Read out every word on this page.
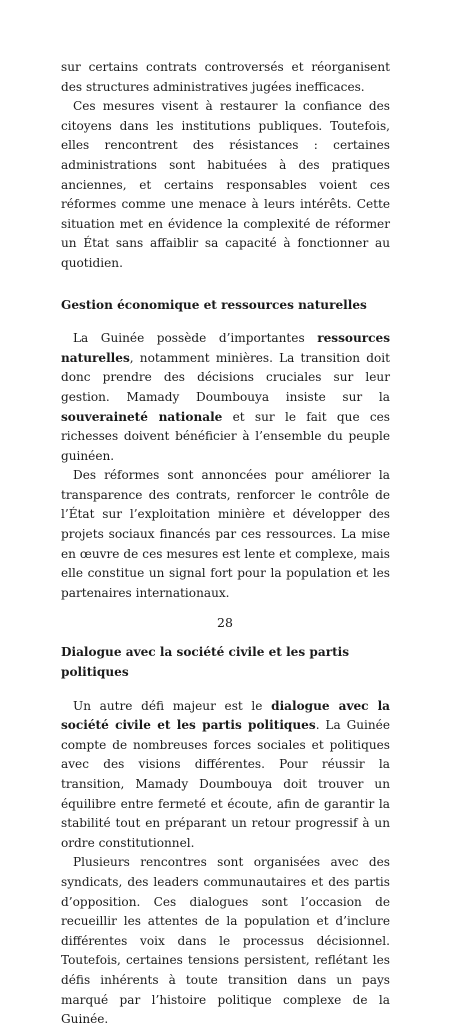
sur certains contrats controversés et réorganisent des structures administratives jugées inefficaces.

Ces mesures visent à restaurer la confiance des citoyens dans les institutions publiques. Toutefois, elles rencontrent des résistances : certaines administrations sont habituées à des pratiques anciennes, et certains responsables voient ces réformes comme une menace à leurs intérêts. Cette situation met en évidence la complexité de réformer un État sans affaiblir sa capacité à fonctionner au quotidien.

Gestion économique et ressources naturelles

La Guinée possède d’importantes ressources naturelles, notamment minières. La transition doit donc prendre des décisions cruciales sur leur gestion. Mamady Doumbouya insiste sur la souveraineté nationale et sur le fait que ces richesses doivent bénéficier à l’ensemble du peuple guinéen.

Des réformes sont annoncées pour améliorer la transparence des contrats, renforcer le contrôle de l’État sur l’exploitation minière et développer des projets sociaux financés par ces ressources. La mise en œuvre de ces mesures est lente et complexe, mais elle constitue un signal fort pour la population et les partenaires internationaux.

Dialogue avec la société civile et les partis politiques

Un autre défi majeur est le dialogue avec la société civile et les partis politiques. La Guinée compte de nombreuses forces sociales et politiques avec des visions différentes. Pour réussir la transition, Mamady Doumbouya doit trouver un équilibre entre fermeté et écoute, afin de garantir la stabilité tout en préparant un retour progressif à un ordre constitutionnel.

Plusieurs rencontres sont organisées avec des syndicats, des leaders communautaires et des partis d’opposition. Ces dialogues sont l’occasion de recueillir les attentes de la population et d’inclure différentes voix dans le processus décisionnel. Toutefois, certaines tensions persistent, reflétant les défis inhérents à toute transition dans un pays marqué par l’histoire politique complexe de la Guinée.

28
